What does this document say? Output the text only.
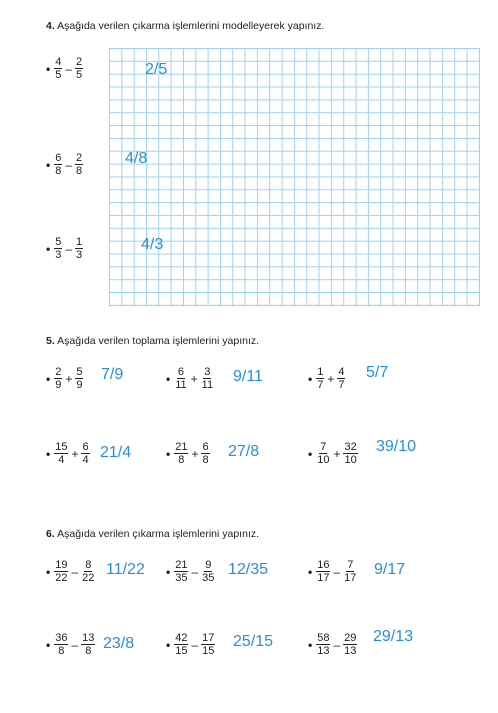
4. Aşağıda verilen çıkarma işlemlerini modelleyerek yapınız.
• $\frac{4}{5} - \frac{2}{5}$	2/5
• $\frac{6}{8} - \frac{2}{8}$	4/8
• $\frac{5}{3} - \frac{1}{3}$	4/3
5. Aşağıda verilen toplama işlemlerini yapınız.
• $\frac{2}{9} + \frac{5}{9} 7/9$	• $\frac{6}{11} + \frac{3}{11} 9/11$	• $\frac{1}{7} + \frac{4}{7} 5/7$
• $\frac{15}{4} + \frac{6}{4} 21/4$	• $\frac{21}{8} + \frac{6}{8} 27/8$	• $\frac{7}{10} + \frac{32}{10} 39/10$
6. Aşağıda verilen çıkarma işlemlerini yapınız.
• $\frac{19}{22} - \frac{8}{22} 11/22$ • $\frac{21}{35} - \frac{9}{35} 12/35$	• $\frac{16}{17} - \frac{7}{17} 9/17$
• $\frac{36}{8} - \frac{13}{8} 23/8$	• $\frac{42}{15} - \frac{17}{15} 25/15$	• $\frac{58}{13} - \frac{29}{13} 29/13$
